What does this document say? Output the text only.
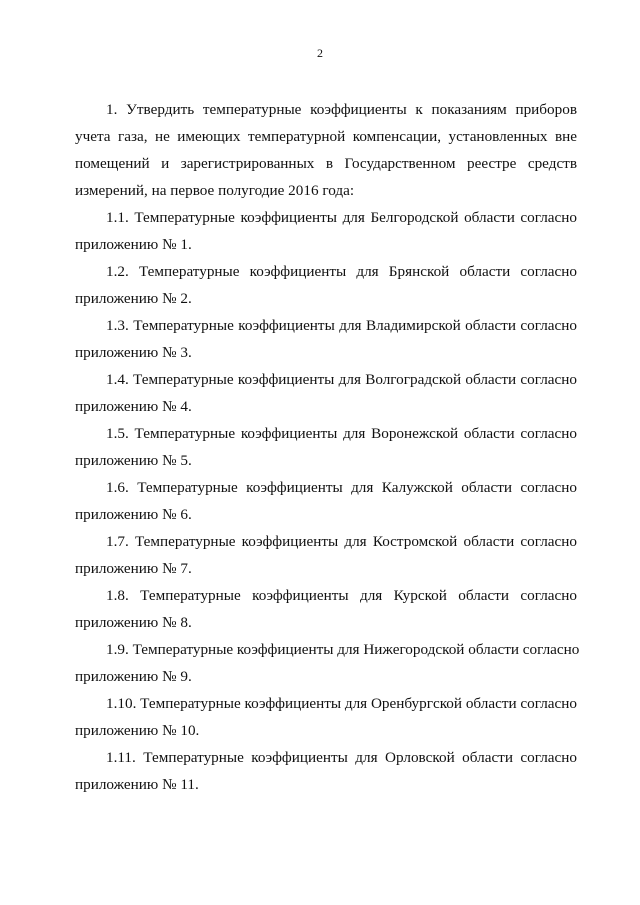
2
1. Утвердить температурные коэффициенты к показаниям приборов
учета газа, не имеющих температурной компенсации, установленных вне
помещений и зарегистрированных в Государственном реестре средств
измерений, на первое полугодие 2016 года:
1.1. Температурные коэффициенты для Белгородской области согласно
приложению № 1.
1.2. Температурные коэффициенты для Брянской области согласно
приложению № 2.
1.3. Температурные коэффициенты для Владимирской области согласно
приложению № 3.
1.4. Температурные коэффициенты для Волгоградской области согласно
приложению № 4.
1.5. Температурные коэффициенты для Воронежской области согласно
приложению № 5.
1.6. Температурные коэффициенты для Калужской области согласно
приложению № 6.
1.7. Температурные коэффициенты для Костромской области согласно
приложению № 7.
1.8. Температурные коэффициенты для Курской области согласно
приложению № 8.
1.9. Температурные коэффициенты для Нижегородской области согласно
приложению № 9.
1.10. Температурные коэффициенты для Оренбургской области согласно
приложению № 10.
1.11. Температурные коэффициенты для Орловской области согласно
приложению № 11.
